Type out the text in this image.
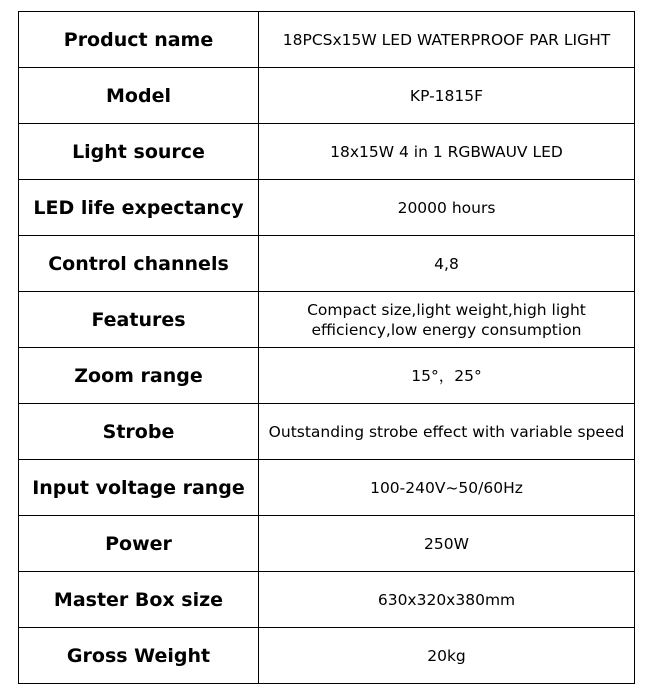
Product name	18PCSx15W LED WATERPROOF PAR LIGHT
Model	KP-1815F
Light source	18x15W 4 in 1 RGBWAUV LED
LED life expectancy	20000 hours
Control channels	4,8
Features	Compact size,light weight,high light efficiency,low energy consumption
Zoom range	15°，25°
Strobe	Outstanding strobe effect with variable speed
Input voltage range	100-240V~50/60Hz
Power	250W
Master Box size	630x320x380mm
Gross Weight	20kg
